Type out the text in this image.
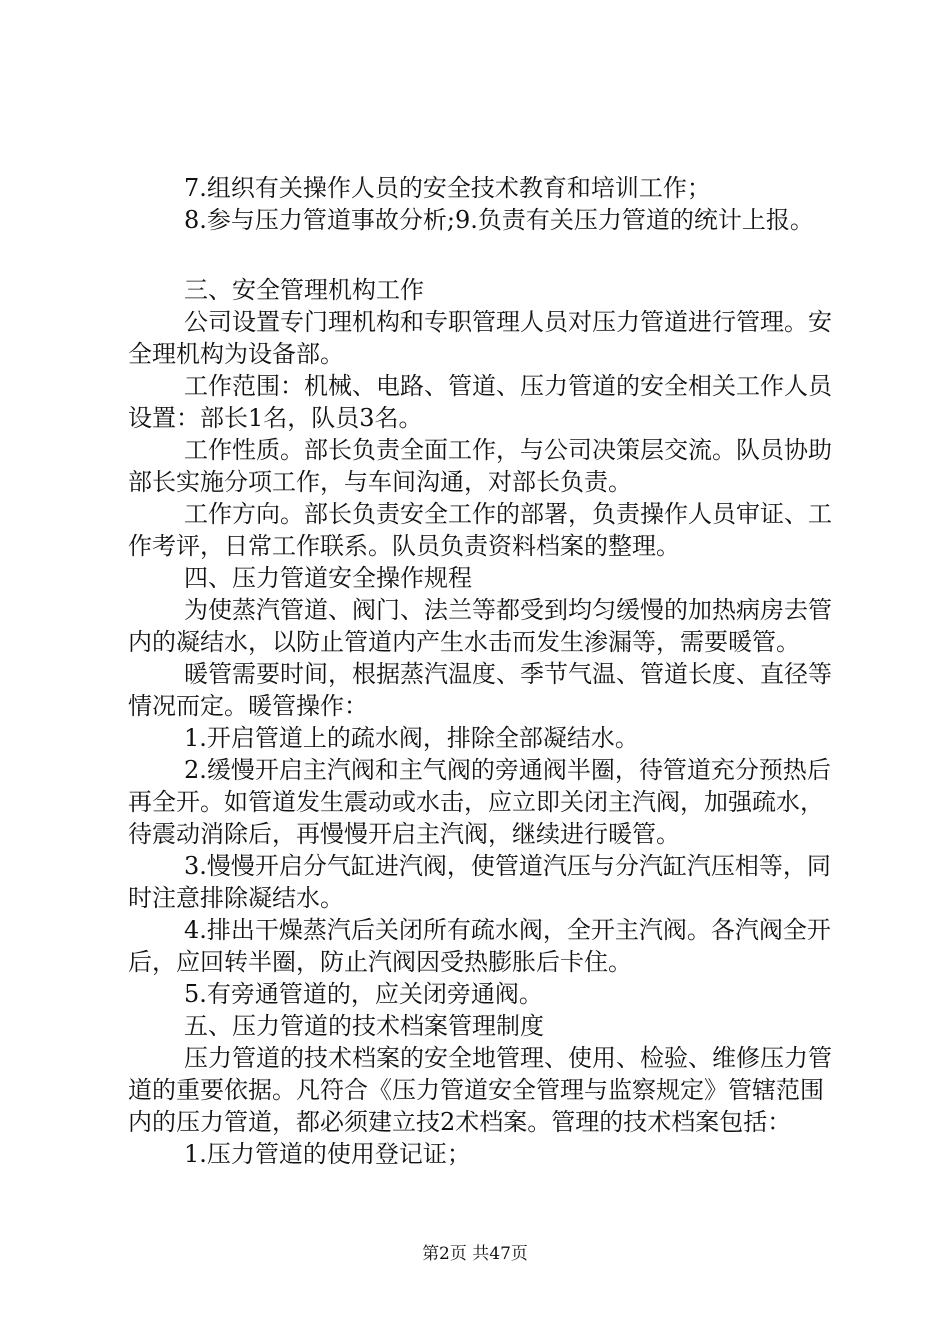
7.组织有关操作人员的安全技术教育和培训工作；

8.参与压力管道事故分析;9.负责有关压力管道的统计上报。

三、安全管理机构工作

公司设置专门理机构和专职管理人员对压力管道进行管理。安全理机构为设备部。

工作范围：机械、电路、管道、压力管道的安全相关工作人员设置：部长1名，队员3名。

工作性质。部长负责全面工作，与公司决策层交流。队员协助部长实施分项工作，与车间沟通，对部长负责。

工作方向。部长负责安全工作的部署，负责操作人员审证、工作考评，日常工作联系。队员负责资料档案的整理。

四、压力管道安全操作规程

为使蒸汽管道、阀门、法兰等都受到均匀缓慢的加热病房去管内的凝结水，以防止管道内产生水击而发生渗漏等，需要暖管。

暖管需要时间，根据蒸汽温度、季节气温、管道长度、直径等情况而定。暖管操作：

1.开启管道上的疏水阀，排除全部凝结水。

2.缓慢开启主汽阀和主气阀的旁通阀半圈，待管道充分预热后再全开。如管道发生震动或水击，应立即关闭主汽阀，加强疏水，待震动消除后，再慢慢开启主汽阀，继续进行暖管。

3.慢慢开启分气缸进汽阀，使管道汽压与分汽缸汽压相等，同时注意排除凝结水。

4.排出干燥蒸汽后关闭所有疏水阀，全开主汽阀。各汽阀全开后，应回转半圈，防止汽阀因受热膨胀后卡住。

5.有旁通管道的，应关闭旁通阀。

五、压力管道的技术档案管理制度

压力管道的技术档案的安全地管理、使用、检验、维修压力管道的重要依据。凡符合《压力管道安全管理与监察规定》管辖范围内的压力管道，都必须建立技2术档案。管理的技术档案包括：

1.压力管道的使用登记证；

第2页 共47页
